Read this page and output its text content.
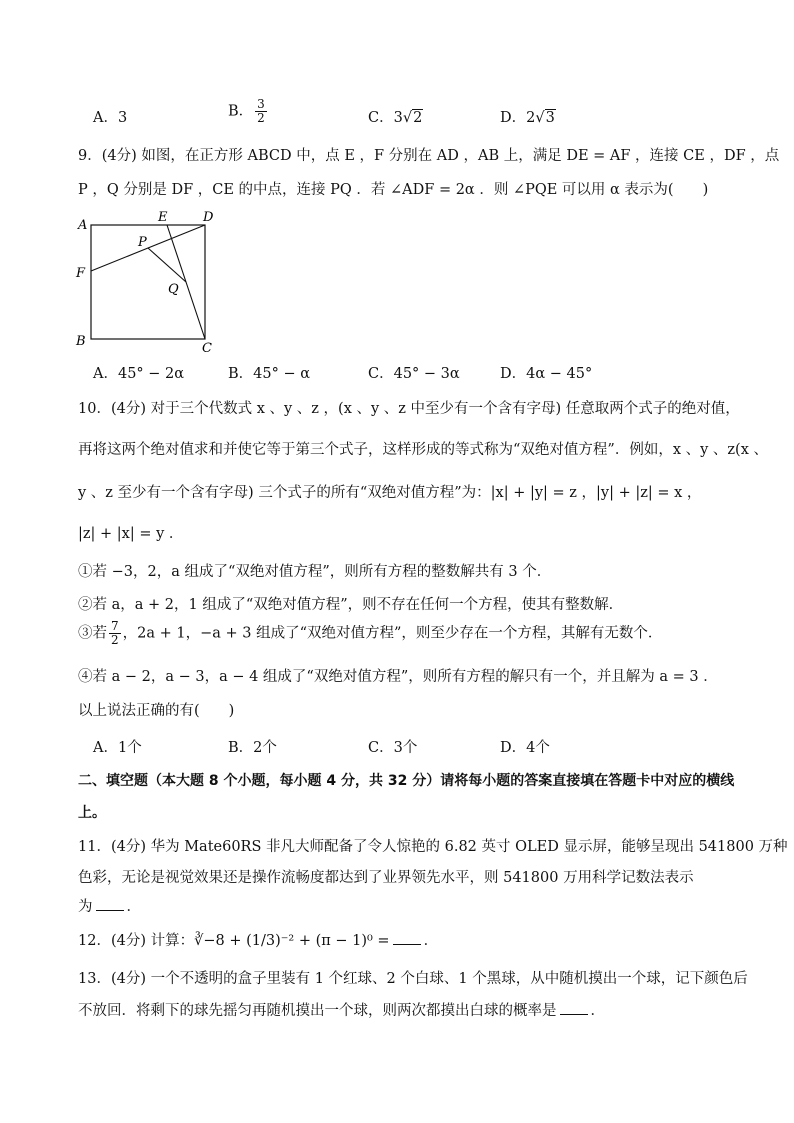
A．3	B． $\frac{3}{2}$	C．3√2	D．2√3
9．(4分) 如图，在正方形 ABCD 中，点 E ，F 分别在 AD ，AB 上，满足 DE = AF ，连接 CE ，DF ，点
P ，Q 分别是 DF ，CE 的中点，连接 PQ ．若 ∠ADF = 2α ．则 ∠PQE 可以用 α 表示为(　　)
A
B	C
D
E
F
P
Q
A．45° − 2α	B．45° − α	C．45° − 3α	D．4α − 45°
10．(4分) 对于三个代数式 x 、y 、z ，(x 、y 、z 中至少有一个含有字母) 任意取两个式子的绝对值，
再将这两个绝对值求和并使它等于第三个式子，这样形成的等式称为“双绝对值方程”．例如，x 、y 、z(x 、
y 、z 至少有一个含有字母) 三个式子的所有“双绝对值方程”为：|x| + |y| = z ，|y| + |z| = x ，
|z| + |x| = y ．
①若 −3，2，a 组成了“双绝对值方程”，则所有方程的整数解共有 3 个．
②若 a，a + 2，1 组成了“双绝对值方程”，则不存在任何一个方程，使其有整数解．
③若 $\frac{7}{2}$ ，2a + 1，−a + 3 组成了“双绝对值方程”，则至少存在一个方程，其解有无数个．
④若 a − 2，a − 3，a − 4 组成了“双绝对值方程”，则所有方程的解只有一个，并且解为 a = 3 ．
以上说法正确的有(　　)
A．1个	B．2个	C．3个	D．4个
二、填空题（本大题 8 个小题，每小题 4 分，共 32 分）请将每小题的答案直接填在答题卡中对应的横线
上。
11．(4分) 华为 Mate60RS 非凡大师配备了令人惊艳的 6.82 英寸 OLED 显示屏，能够呈现出 541800 万种
色彩，无论是视觉效果还是操作流畅度都达到了业界领先水平，则 541800 万用科学记数法表示
为 ．
12．(4分) 计算：∛−8 + (1/3)⁻² + (π − 1)⁰ = ．
13．(4分) 一个不透明的盒子里装有 1 个红球、2 个白球、1 个黑球，从中随机摸出一个球，记下颜色后
不放回．将剩下的球先摇匀再随机摸出一个球，则两次都摸出白球的概率是 ．
